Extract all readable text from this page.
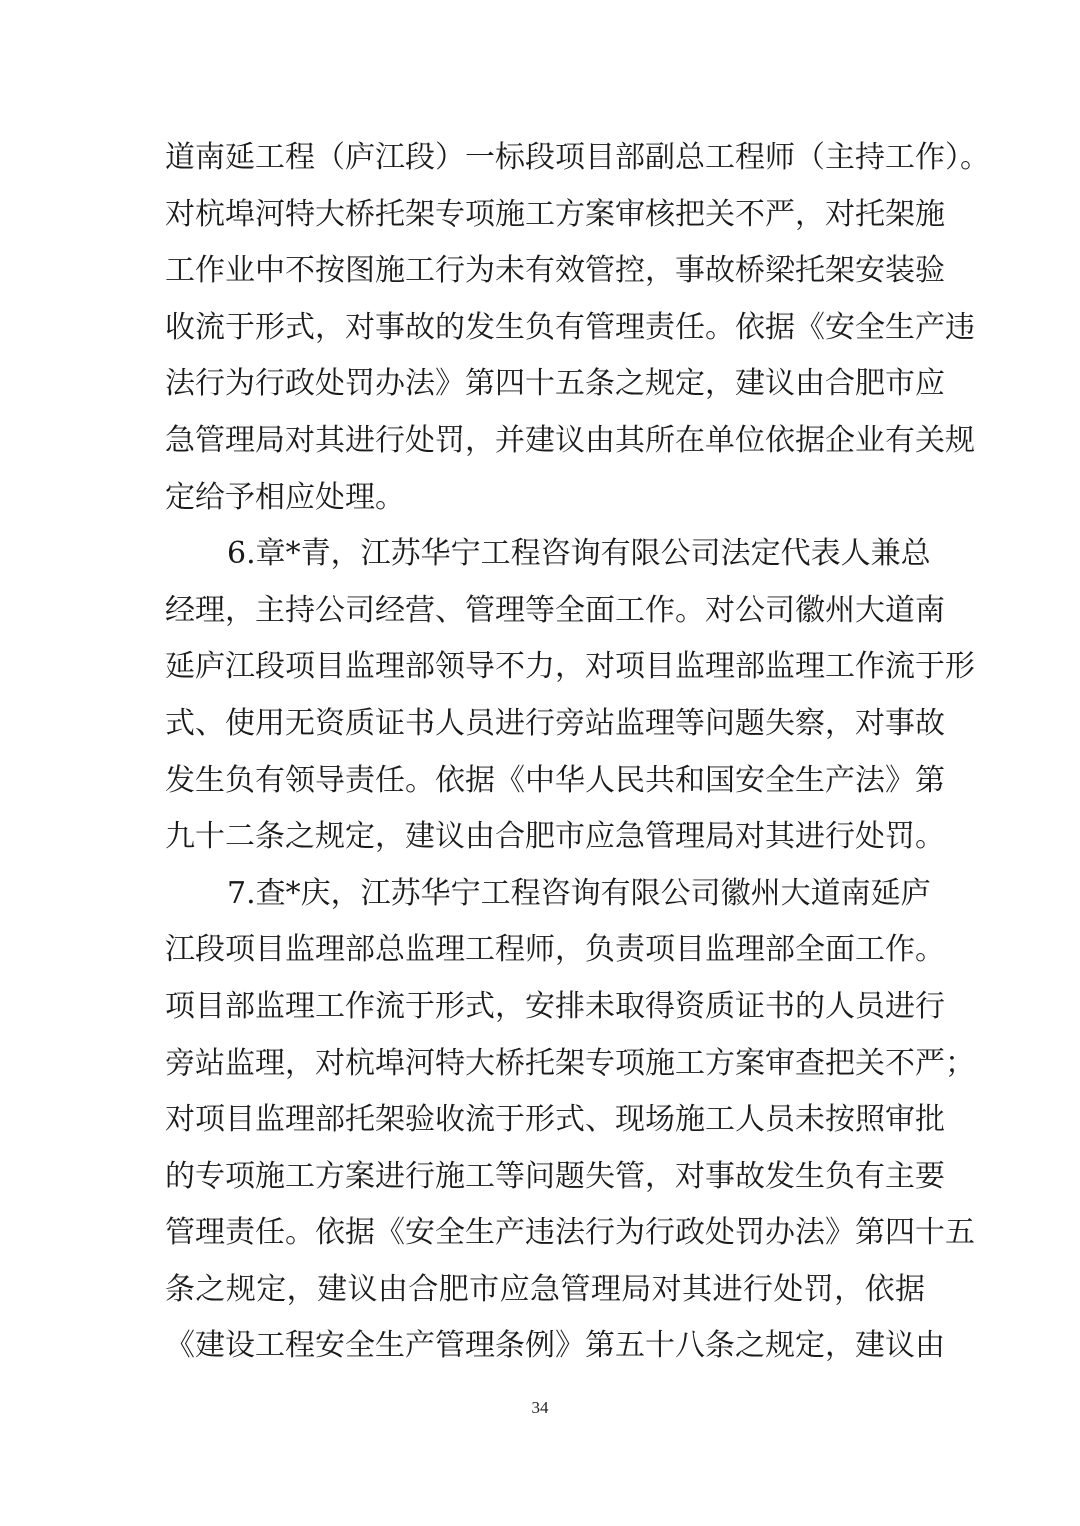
道南延工程（庐江段）一标段项目部副总工程师（主持工作）。
对杭埠河特大桥托架专项施工方案审核把关不严，对托架施
工作业中不按图施工行为未有效管控，事故桥梁托架安装验
收流于形式，对事故的发生负有管理责任。依据《安全生产违
法行为行政处罚办法》第四十五条之规定，建议由合肥市应
急管理局对其进行处罚，并建议由其所在单位依据企业有关规
定给予相应处理。
6.章*青，江苏华宁工程咨询有限公司法定代表人兼总
经理，主持公司经营、管理等全面工作。对公司徽州大道南
延庐江段项目监理部领导不力，对项目监理部监理工作流于形
式、使用无资质证书人员进行旁站监理等问题失察，对事故
发生负有领导责任。依据《中华人民共和国安全生产法》第
九十二条之规定，建议由合肥市应急管理局对其进行处罚。
7.查*庆，江苏华宁工程咨询有限公司徽州大道南延庐
江段项目监理部总监理工程师，负责项目监理部全面工作。
项目部监理工作流于形式，安排未取得资质证书的人员进行
旁站监理，对杭埠河特大桥托架专项施工方案审查把关不严；
对项目监理部托架验收流于形式、现场施工人员未按照审批
的专项施工方案进行施工等问题失管，对事故发生负有主要
管理责任。依据《安全生产违法行为行政处罚办法》第四十五
条之规定，建议由合肥市应急管理局对其进行处罚，依据
《建设工程安全生产管理条例》第五十八条之规定，建议由
34
